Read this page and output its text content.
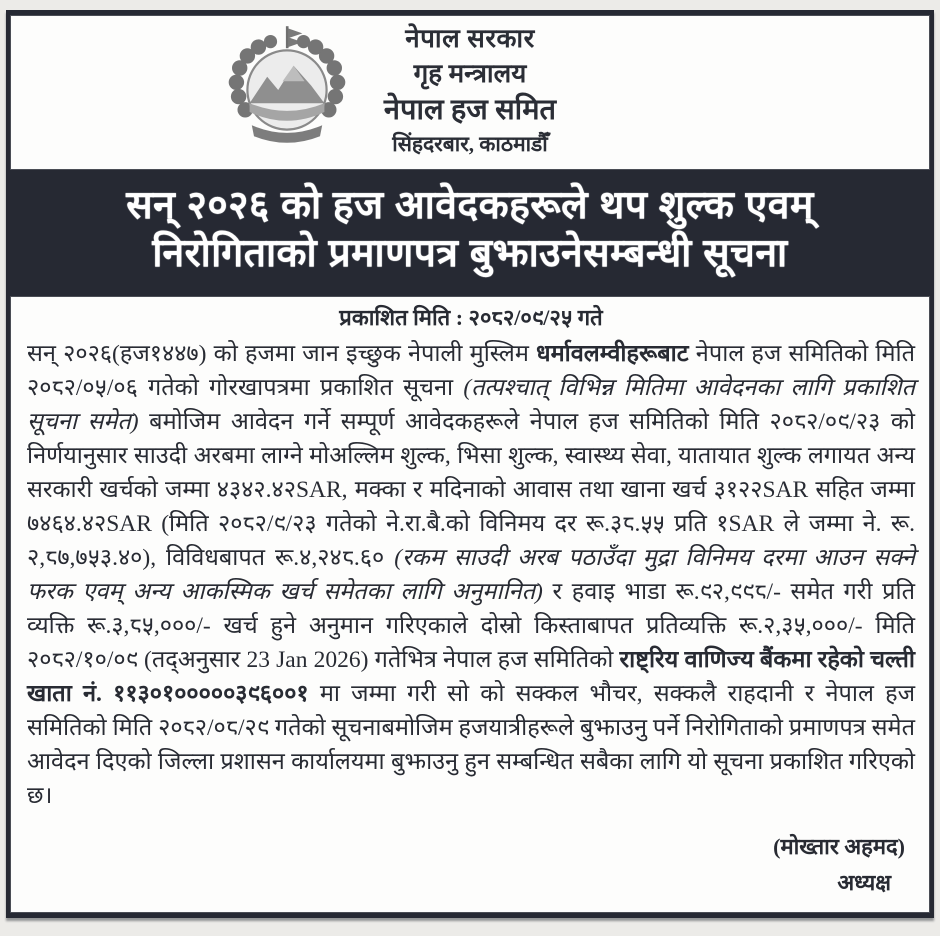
नेपाल सरकार
गृह मन्त्रालय
नेपाल हज समित
सिंहदरबार, काठमाडौँ
सन् २०२६ को हज आवेदकहरूले थप शुल्क एवम्
निरोगिताको प्रमाणपत्र बुझाउनेसम्बन्धी सूचना
प्रकाशित मिति : २०८२/०९/२५ गते
सन् २०२६(हज१४४७) को हजमा जान इच्छुक नेपाली मुस्लिम धर्मावलम्वीहरूबाट नेपाल हज समितिको मिति २०८२/०५/०६ गतेको गोरखापत्रमा प्रकाशित सूचना (तत्पश्चात् विभिन्न मितिमा आवेदनका लागि प्रकाशित सूचना समेत) बमोजिम आवेदन गर्ने सम्पूर्ण आवेदकहरूले नेपाल हज समितिको मिति २०८२/०९/२३ को निर्णयानुसार साउदी अरबमा लाग्ने मोअल्लिम शुल्क, भिसा शुल्क, स्वास्थ्य सेवा, यातायात शुल्क लगायत अन्य सरकारी खर्चको जम्मा ४३४२.४२SAR, मक्का र मदिनाको आवास तथा खाना खर्च ३१२२SAR सहित जम्मा ७४६४.४२SAR (मिति २०८२/९/२३ गतेको ने.रा.बै.को विनिमय दर रू.३८.५५ प्रति १SAR ले जम्मा ने. रू. २,८७,७५३.४०), विविधबापत रू.४,२४८.६० (रकम साउदी अरब पठाउँदा मुद्रा विनिमय दरमा आउन सक्ने फरक एवम् अन्य आकस्मिक खर्च समेतका लागि अनुमानित) र हवाइ भाडा रू.९२,९९८/- समेत गरी प्रति व्यक्ति रू.३,८५,०००/- खर्च हुने अनुमान गरिएकाले दोस्रो किस्ताबापत प्रतिव्यक्ति रू.२,३५,०००/- मिति २०८२/१०/०९ (तद्अनुसार 23 Jan 2026) गतेभित्र नेपाल हज समितिको राष्ट्रिय वाणिज्य बैंकमा रहेको चल्ती खाता नं. ११३०१०००००३९६००१ मा जम्मा गरी सो को सक्कल भौचर, सक्कलै राहदानी र नेपाल हज समितिको मिति २०८२/०८/२९ गतेको सूचनाबमोजिम हजयात्रीहरूले बुझाउनु पर्ने निरोगिताको प्रमाणपत्र समेत आवेदन दिएको जिल्ला प्रशासन कार्यालयमा बुझाउनु हुन सम्बन्धित सबैका लागि यो सूचना प्रकाशित गरिएको छ।
(मोख्तार अहमद)
अध्यक्ष
